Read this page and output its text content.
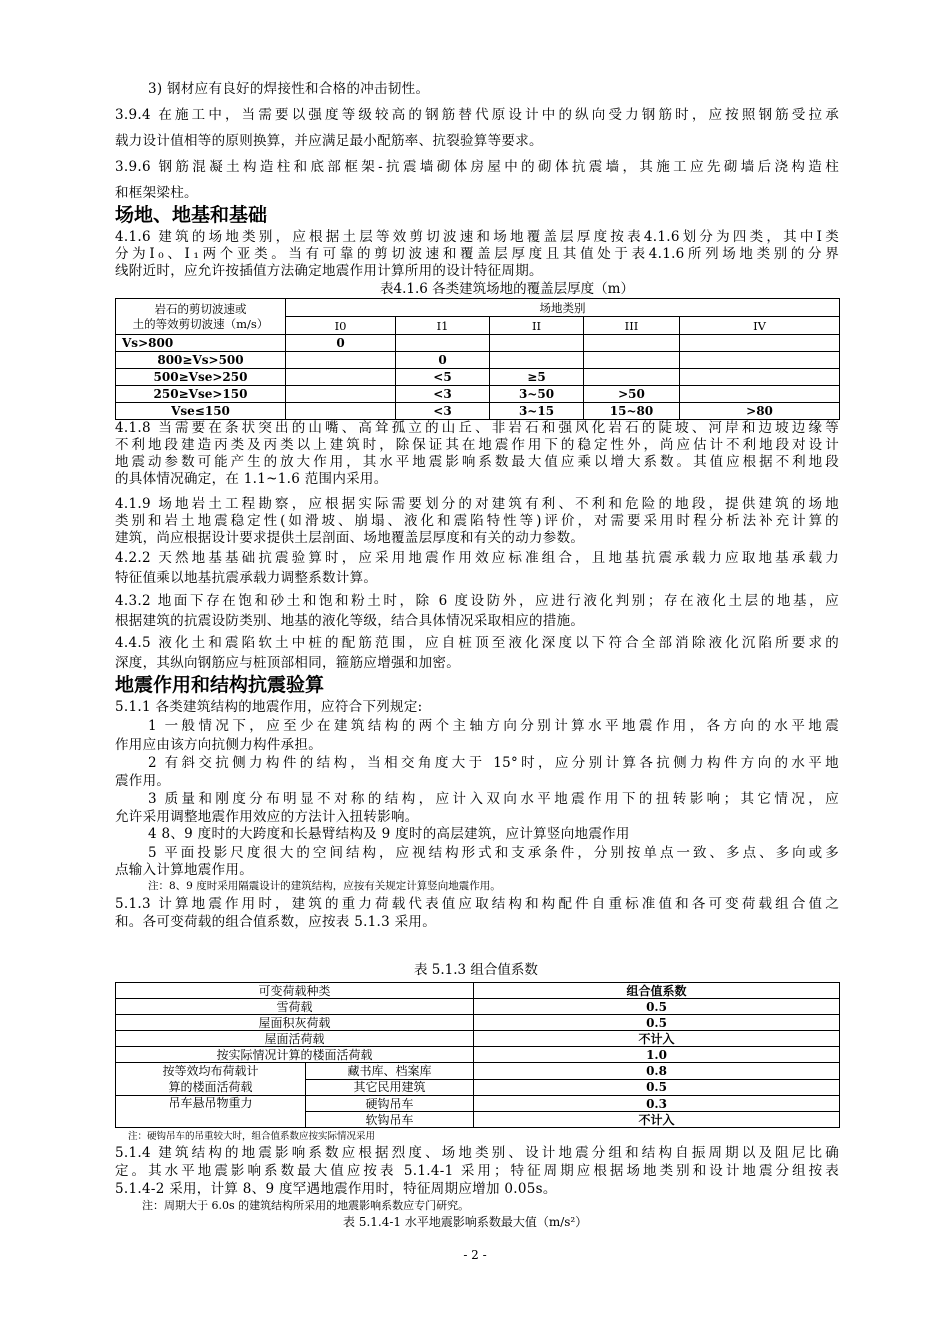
3) 钢材应有良好的焊接性和合格的冲击韧性。
3.9.4 在施工中，当需要以强度等级较高的钢筋替代原设计中的纵向受力钢筋时，应按照钢筋受拉承
载力设计值相等的原则换算，并应满足最小配筋率、抗裂验算等要求。
3.9.6 钢筋混凝土构造柱和底部框架-抗震墙砌体房屋中的砌体抗震墙，其施工应先砌墙后浇构造柱
和框架梁柱。
场地、地基和基础
4.1.6 建筑的场地类别，应根据土层等效剪切波速和场地覆盖层厚度按表4.1.6划分为四类，其中Ⅰ类
分为Ⅰ₀、Ⅰ₁两个亚类。当有可靠的剪切波速和覆盖层厚度且其值处于表4.1.6所列场地类别的分界
线附近时，应允许按插值方法确定地震作用计算所用的设计特征周期。
表4.1.6 各类建筑场地的覆盖层厚度（m）
岩石的剪切波速或
土的等效剪切波速（m/s）	场地类别				
	I0	I1	II	III	IV
Vs>800	0				
800≥Vs>500		0			
500≥Vse>250		<5	≥5		
250≥Vse>150		<3	3~50	>50	
Vse≤150		<3	3~15	15~80	>80
4.1.8 当需要在条状突出的山嘴、高耸孤立的山丘、非岩石和强风化岩石的陡坡、河岸和边坡边缘等
不利地段建造丙类及丙类以上建筑时，除保证其在地震作用下的稳定性外，尚应估计不利地段对设计
地震动参数可能产生的放大作用，其水平地震影响系数最大值应乘以增大系数。其值应根据不利地段
的具体情况确定，在 1.1~1.6 范围内采用。
4.1.9 场地岩土工程勘察，应根据实际需要划分的对建筑有利、不利和危险的地段，提供建筑的场地
类别和岩土地震稳定性(如滑坡、崩塌、液化和震陷特性等)评价，对需要采用时程分析法补充计算的
建筑，尚应根据设计要求提供土层剖面、场地覆盖层厚度和有关的动力参数。
4.2.2 天然地基基础抗震验算时，应采用地震作用效应标准组合，且地基抗震承载力应取地基承载力
特征值乘以地基抗震承载力调整系数计算。
4.3.2 地面下存在饱和砂土和饱和粉土时，除 6 度设防外，应进行液化判别；存在液化土层的地基，应
根据建筑的抗震设防类别、地基的液化等级，结合具体情况采取相应的措施。
4.4.5 液化土和震陷软土中桩的配筋范围，应自桩顶至液化深度以下符合全部消除液化沉陷所要求的
深度，其纵向钢筋应与桩顶部相同，箍筋应增强和加密。
地震作用和结构抗震验算
5.1.1 各类建筑结构的地震作用，应符合下列规定:
1 一般情况下，应至少在建筑结构的两个主轴方向分别计算水平地震作用，各方向的水平地震
作用应由该方向抗侧力构件承担。
2 有斜交抗侧力构件的结构，当相交角度大于 15°时，应分别计算各抗侧力构件方向的水平地
震作用。
3 质量和刚度分布明显不对称的结构，应计入双向水平地震作用下的扭转影响；其它情况，应
允许采用调整地震作用效应的方法计入扭转影响。
4 8、9 度时的大跨度和长悬臂结构及 9 度时的高层建筑，应计算竖向地震作用
5 平面投影尺度很大的空间结构，应视结构形式和支承条件，分别按单点一致、多点、多向或多
点输入计算地震作用。
注：8、9 度时采用隔震设计的建筑结构，应按有关规定计算竖向地震作用。
5.1.3 计算地震作用时，建筑的重力荷载代表值应取结构和构配件自重标准值和各可变荷载组合值之
和。各可变荷载的组合值系数，应按表 5.1.3 采用。
表 5.1.3 组合值系数
可变荷载种类		组合值系数
雪荷载		0.5
屋面积灰荷载		0.5
屋面活荷载		不计入
按实际情况计算的楼面活荷载		1.0

按等效均布荷载计
算的楼面活荷载	藏书库、档案库	0.8
	其它民用建筑	0.5
吊车悬吊物重力	硬钩吊车	0.3
	软钩吊车	不计入
注：硬钩吊车的吊重较大时，组合值系数应按实际情况采用
5.1.4 建筑结构的地震影响系数应根据烈度、场地类别、设计地震分组和结构自振周期以及阻尼比确
定。其水平地震影响系数最大值应按表 5.1.4-1 采用；特征周期应根据场地类别和设计地震分组按表
5.1.4-2 采用，计算 8、9 度罕遇地震作用时，特征周期应增加 0.05s。
注：周期大于 6.0s 的建筑结构所采用的地震影响系数应专门研究。
表 5.1.4-1 水平地震影响系数最大值（m/s²）
- 2 -
